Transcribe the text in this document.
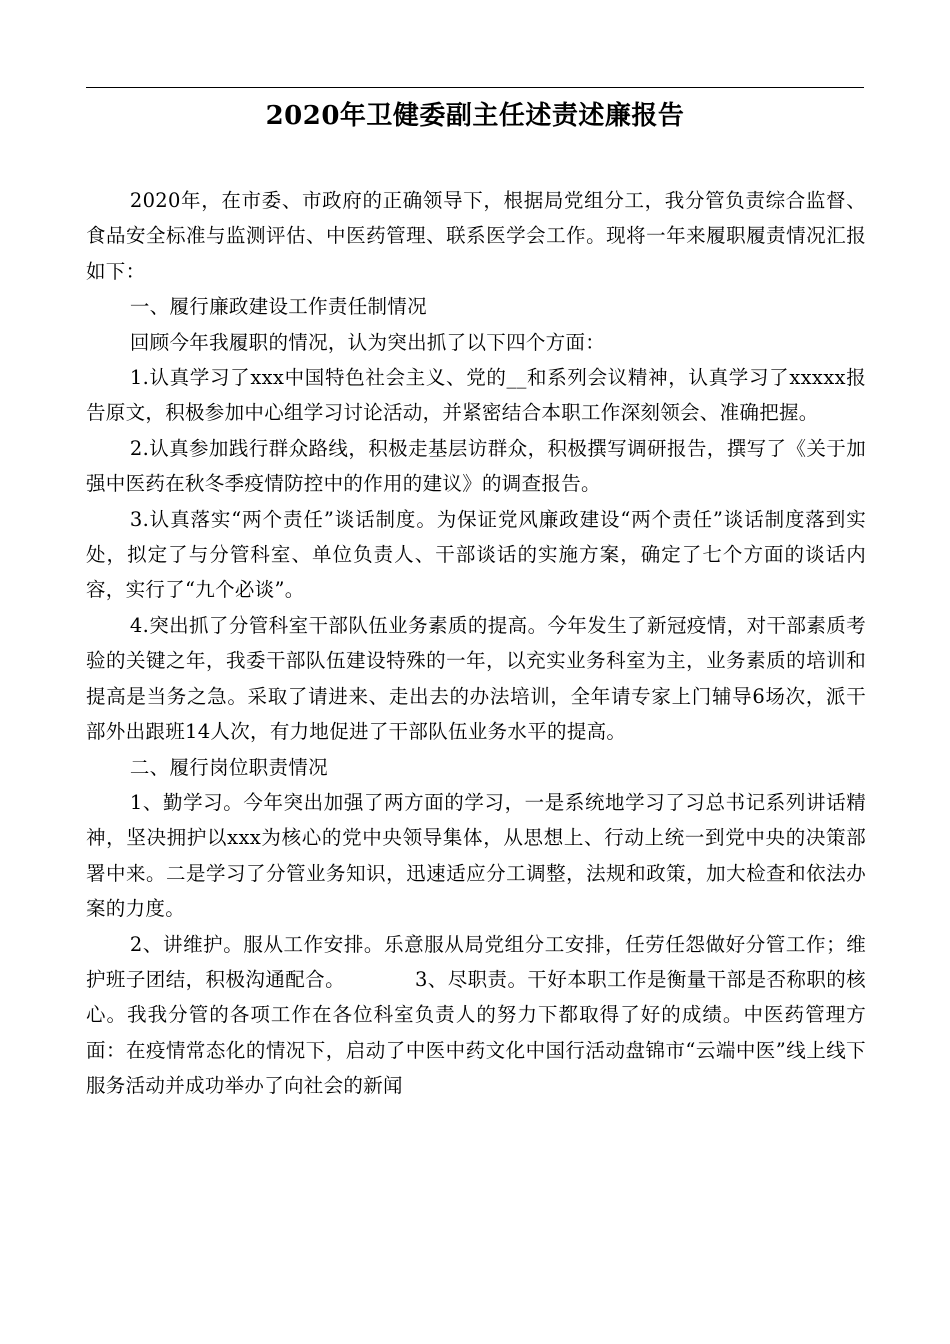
2020年卫健委副主任述责述廉报告

2020年，在市委、市政府的正确领导下，根据局党组分工，我分管负责综合监督、食品安全标准与监测评估、中医药管理、联系医学会工作。现将一年来履职履责情况汇报如下：

一、履行廉政建设工作责任制情况

回顾今年我履职的情况，认为突出抓了以下四个方面：

1.认真学习了xxx中国特色社会主义、党的__和系列会议精神，认真学习了xxxxx报告原文，积极参加中心组学习讨论活动，并紧密结合本职工作深刻领会、准确把握。

2.认真参加践行群众路线，积极走基层访群众，积极撰写调研报告，撰写了《关于加强中医药在秋冬季疫情防控中的作用的建议》的调查报告。

3.认真落实“两个责任”谈话制度。为保证党风廉政建设“两个责任”谈话制度落到实处，拟定了与分管科室、单位负责人、干部谈话的实施方案，确定了七个方面的谈话内容，实行了“九个必谈”。

4.突出抓了分管科室干部队伍业务素质的提高。今年发生了新冠疫情，对干部素质考验的关键之年，我委干部队伍建设特殊的一年，以充实业务科室为主，业务素质的培训和提高是当务之急。采取了请进来、走出去的办法培训，全年请专家上门辅导6场次，派干部外出跟班14人次，有力地促进了干部队伍业务水平的提高。

二、履行岗位职责情况

1、勤学习。今年突出加强了两方面的学习，一是系统地学习了习总书记系列讲话精神，坚决拥护以xxx为核心的党中央领导集体，从思想上、行动上统一到党中央的决策部署中来。二是学习了分管业务知识，迅速适应分工调整，法规和政策，加大检查和依法办案的力度。

2、讲维护。服从工作安排。乐意服从局党组分工安排，任劳任怨做好分管工作；维护班子团结，积极沟通配合。　　　　3、尽职责。干好本职工作是衡量干部是否称职的核心。我我分管的各项工作在各位科室负责人的努力下都取得了好的成绩。中医药管理方面：在疫情常态化的情况下，启动了中医中药文化中国行活动盘锦市“云端中医”线上线下服务活动并成功举办了向社会的新闻
